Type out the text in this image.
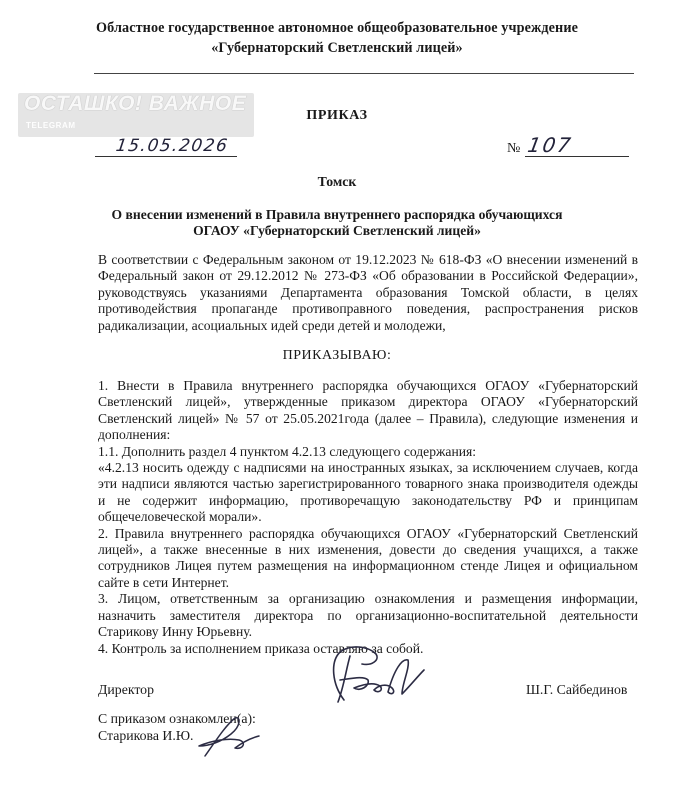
Областное государственное автономное общеобразовательное учреждение
«Губернаторский Светленский лицей»
ОСТАШКО! ВАЖНОЕ
TELEGRAM
ПРИКАЗ
15.05.2026	№ 107
Томск
О внесении изменений в Правила внутреннего распорядка обучающихся
ОГАОУ «Губернаторский Светленский лицей»
В соответствии с Федеральным законом от 19.12.2023 № 618-ФЗ «О внесении изменений в Федеральный закон от 29.12.2012 № 273-ФЗ «Об образовании в Российской Федерации», руководствуясь указаниями Департамента образования Томской области, в целях противодействия пропаганде противоправного поведения, распространения рисков радикализации, асоциальных идей среди детей и молодежи,
ПРИКАЗЫВАЮ:

1. Внести в Правила внутреннего распорядка обучающихся ОГАОУ «Губернаторский Светленский лицей», утвержденные приказом директора ОГАОУ «Губернаторский Светленский лицей» № 57 от 25.05.2021года (далее – Правила), следующие изменения и дополнения:

1.1. Дополнить раздел 4 пунктом 4.2.13 следующего содержания:

«4.2.13 носить одежду с надписями на иностранных языках, за исключением случаев, когда эти надписи являются частью зарегистрированного товарного знака производителя одежды и не содержит информацию, противоречащую законодательству РФ и принципам общечеловеческой морали».

2. Правила внутреннего распорядка обучающихся ОГАОУ «Губернаторский Светленский лицей», а также внесенные в них изменения, довести до сведения учащихся, а также сотрудников Лицея путем размещения на информационном стенде Лицея и официальном сайте в сети Интернет.

3. Лицом, ответственным за организацию ознакомления и размещения информации, назначить заместителя директора по организационно-воспитательной деятельности Старикову Инну Юрьевну.

4. Контроль за исполнением приказа оставляю за собой.

Директор	Ш.Г. Сайбединов
С приказом ознакомлен(а):
Старикова И.Ю.
